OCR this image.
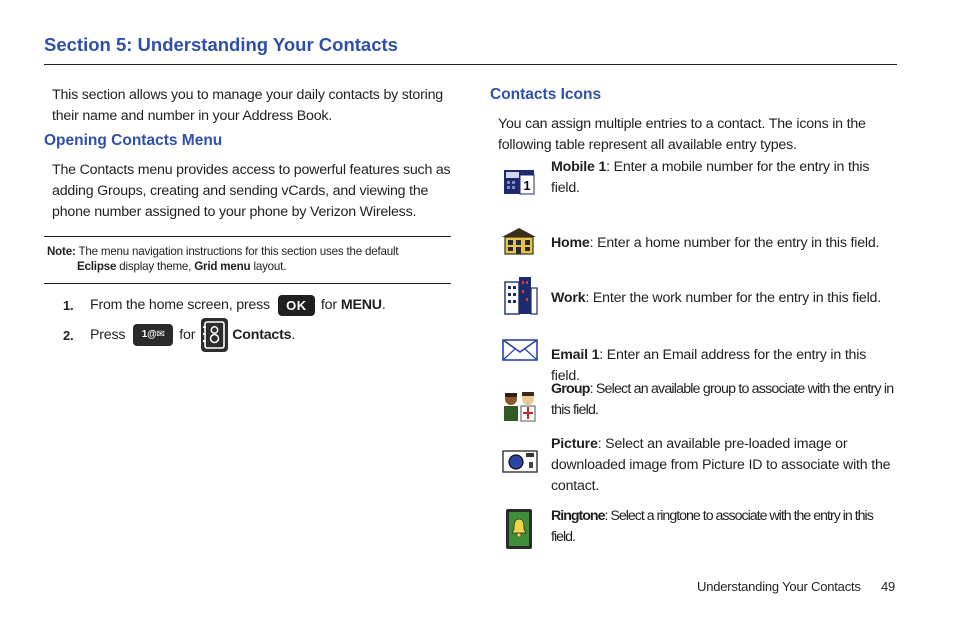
Section 5: Understanding Your Contacts
This section allows you to manage your daily contacts by storing their name and number in your Address Book.
Opening Contacts Menu
The Contacts menu provides access to powerful features such as adding Groups, creating and sending vCards, and viewing the phone number assigned to your phone by Verizon Wireless.
Note: The menu navigation instructions for this section uses the default
Eclipse display theme, Grid menu layout.
1.	From the home screen, press	OK	for MENU .
2.	Press	1@✉	for	Contacts .
Contacts Icons
You can assign multiple entries to a contact. The icons in the following table represent all available entry types.
1
Mobile 1: Enter a mobile number for the entry in this field.
Home: Enter a home number for the entry in this field.
Work: Enter the work number for the entry in this field.
Email 1: Enter an Email address for the entry in this field.
Group: Select an available group to associate with the entry in this field.
Picture: Select an available pre-loaded image or downloaded image from Picture ID to associate with the contact.
Ringtone: Select a ringtone to associate with the entry in this field.
Understanding Your Contacts 49
